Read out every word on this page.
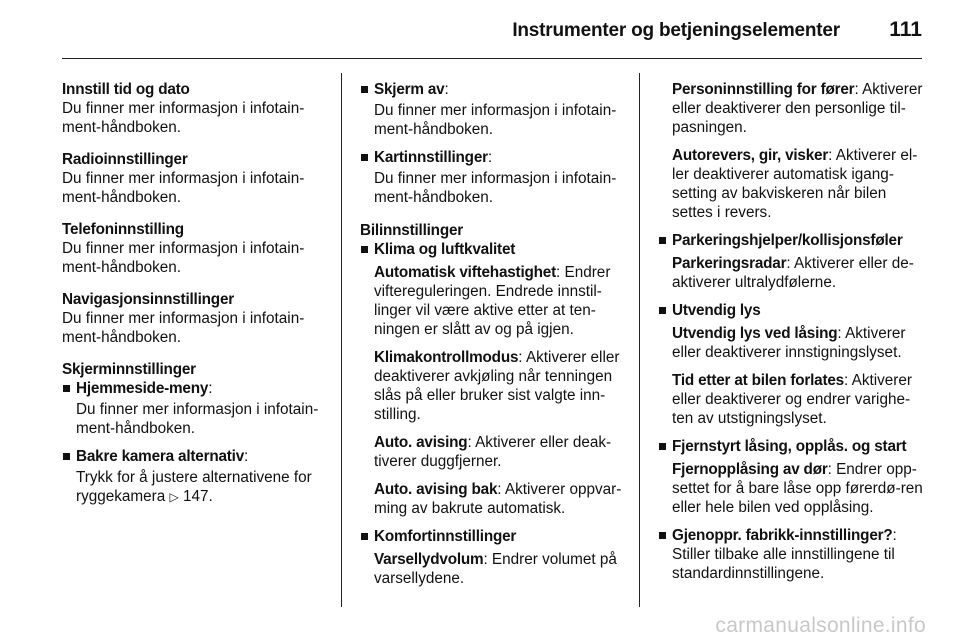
Instrumenter og betjeningselementer 111
Innstill tid og dato
Du finner mer informasjon i infotain-ment-håndboken.
Radioinnstillinger
Du finner mer informasjon i infotain-ment-håndboken.
Telefoninnstilling
Du finner mer informasjon i infotain-ment-håndboken.
Navigasjonsinnstillinger
Du finner mer informasjon i infotain-ment-håndboken.
Skjerminnstillinger
Hjemmeside-meny:
Du finner mer informasjon i infotain-ment-håndboken.
Bakre kamera alternativ:
Trykk for å justere alternativene for ryggekamera ▷ 147.
Skjerm av:
Du finner mer informasjon i infotain-ment-håndboken.
Kartinnstillinger:
Du finner mer informasjon i infotain-ment-håndboken.
Bilinnstillinger
Klima og luftkvalitet
Automatisk viftehastighet: Endrer viftereguleringen. Endrede innstil-linger vil være aktive etter at ten-ningen er slått av og på igjen.
Klimakontrollmodus: Aktiverer eller deaktiverer avkjøling når tenningen slås på eller bruker sist valgte inn-stilling.
Auto. avising: Aktiverer eller deak-tiverer duggfjerner.
Auto. avising bak: Aktiverer oppvar-ming av bakrute automatisk.
Komfortinnstillinger
Varsellydvolum: Endrer volumet på varsellydene.
Personinnstilling for fører: Aktiverer eller deaktiverer den personlige til-pasningen.
Autorevers, gir, visker: Aktiverer el-ler deaktiverer automatisk igang-setting av bakviskeren når bilen settes i revers.
Parkeringshjelper/kollisjonsføler
Parkeringsradar: Aktiverer eller de-aktiverer ultralydfølerne.
Utvendig lys
Utvendig lys ved låsing: Aktiverer eller deaktiverer innstigningslyset.
Tid etter at bilen forlates: Aktiverer eller deaktiverer og endrer varighe-ten av utstigningslyset.
Fjernstyrt låsing, opplås. og start
Fjernopplåsing av dør: Endrer opp-settet for å bare låse opp førerdø-ren eller hele bilen ved opplåsing.
Gjenoppr. fabrikk-innstillinger?:
Stiller tilbake alle innstillingene til standardinnstillingene.
carmanualsonline.info
